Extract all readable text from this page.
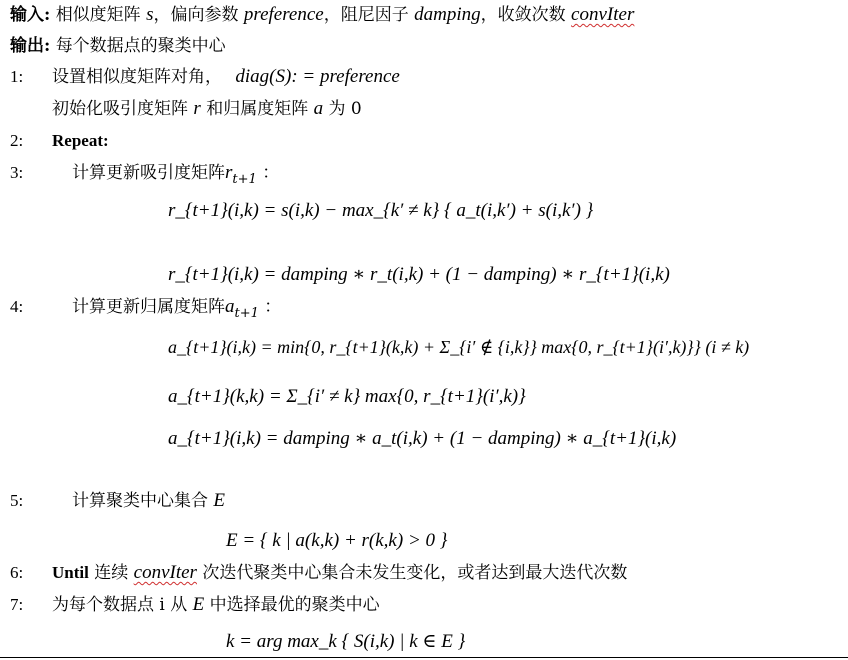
输入: 相似度矩阵 s，偏向参数 preference，阻尼因子 damping，收敛次数 convIter
输出: 每个数据点的聚类中心
1: 设置相似度矩阵对角， diag(S): = preference
初始化吸引度矩阵 r 和归属度矩阵 a 为 0
2: Repeat:
3:	计算更新吸引度矩阵$r_{t+1}$ ：
r_{t+1}(i,k) = s(i,k) − max_{k′ ≠ k} { a_t(i,k′) + s(i,k′) }
r_{t+1}(i,k) = damping ∗ r_t(i,k) + (1 − damping) ∗ r_{t+1}(i,k)
4:	计算更新归属度矩阵$a_{t+1}$ ：
a_{t+1}(i,k) = min{0, r_{t+1}(k,k) + Σ_{i′ ∉ {i,k}} max{0, r_{t+1}(i′,k)}} (i ≠ k)
a_{t+1}(k,k) = Σ_{i′ ≠ k} max{0, r_{t+1}(i′,k)}
a_{t+1}(i,k) = damping ∗ a_t(i,k) + (1 − damping) ∗ a_{t+1}(i,k)
5:	计算聚类中心集合 E
E = { k | a(k,k) + r(k,k) > 0 }
6: Until 连续 convIter 次迭代聚类中心集合未发生变化，或者达到最大迭代次数
7: 为每个数据点 i 从 E 中选择最优的聚类中心
k = arg max_k { S(i,k) | k ∈ E }
